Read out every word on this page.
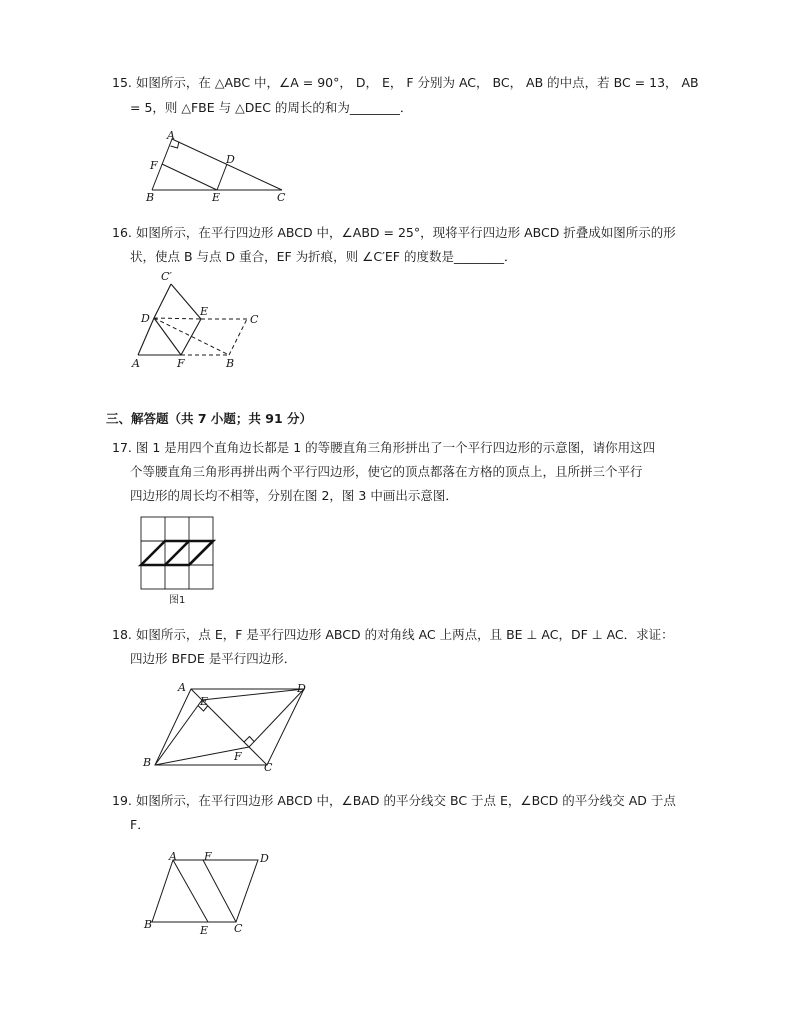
15. 如图所示，在 △ABC 中，∠A = 90°， D， E， F 分别为 AC， BC， AB 的中点，若 BC = 13， AB
= 5，则 △FBE 与 △DEC 的周长的和为________．
A
F	D
B	E	C
16. 如图所示，在平行四边形 ABCD 中，∠ABD = 25°，现将平行四边形 ABCD 折叠成如图所示的形
状，使点 B 与点 D 重合，EF 为折痕，则 ∠C′EF 的度数是________．
C′
D
E
C
A	F	B
三、解答题（共 7 小题；共 91 分）
17. 图 1 是用四个直角边长都是 1 的等腰直角三角形拼出了一个平行四边形的示意图，请你用这四
个等腰直角三角形再拼出两个平行四边形，使它的顶点都落在方格的顶点上，且所拼三个平行
四边形的周长均不相等，分别在图 2，图 3 中画出示意图．
图1
18. 如图所示，点 E，F 是平行四边形 ABCD 的对角线 AC 上两点，且 BE ⊥ AC，DF ⊥ AC．求证：
四边形 BFDE 是平行四边形．
A
E
D
B	F
C
19. 如图所示，在平行四边形 ABCD 中，∠BAD 的平分线交 BC 于点 E，∠BCD 的平分线交 AD 于点
F．
A F	D
B	E C
